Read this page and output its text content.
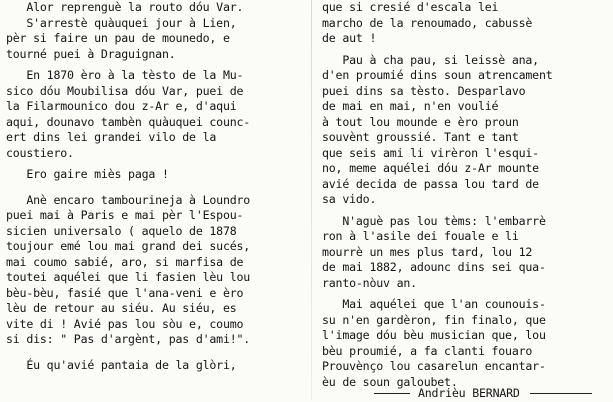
Alor reprenguè la routo dóu Var.
S'arrestè quàuquei jour à Lien,
pèr si faire un pau de mounedo, e
tourné puei à Draguignan.
En 1870 èro à la tèsto de la Mu-
sico dóu Moubilisa dóu Var, puei de
la Filarmounico dou z-Ar e, d'aqui
aqui, dounavo tambèn quàuquei counc-
ert dins lei grandei vilo de la
coustiero.
Ero gaire miès paga !
Anè encaro tambourineja à Loundro
puei mai à Paris e mai pèr l'Espou-
sicien universalo ( aquelo de 1878
toujour emé lou mai grand dei sucés,
mai coumo sabié, aro, si marfisa de
toutei aquélei que li fasien lèu lou
bèu-bèu, fasié que l'ana-veni e èro
lèu de retour au siéu. Au siéu, es
vite di ! Avié pas lou sòu e, coumo
si dis: " Pas d'argènt, pas d'ami!".
Éu qu'avié pantaia de la glòri,
que si cresié d'escala lei
marcho de la renoumado, cabussè
de aut !
Pau à cha pau, si leissè ana,
d'en proumié dins soun atrencament
puei dins sa tèsto. Desparlavo
de mai en mai, n'en voulié
à tout lou mounde e èro proun
souvènt groussié. Tant e tant
que seis ami li virèron l'esqui-
no, meme aquélei dóu z-Ar mounte
avié decida de passa lou tard de
sa vido.
N'aguè pas lou tèms: l'embarrè
ron à l'asile dei fouale e li
mourrè un mes plus tard, lou 12
de mai 1882, adounc dins sei qua-
ranto-nòuv an.
Mai aquélei que l'an counouis-
su n'en gardèron, fin finalo, que
l'image dóu bèu musician que, lou
bèu proumié, a fa clanti fouaro
Prouvènço lou casarelun encantar-
èu de soun galoubet.
Andrièu BERNARD
